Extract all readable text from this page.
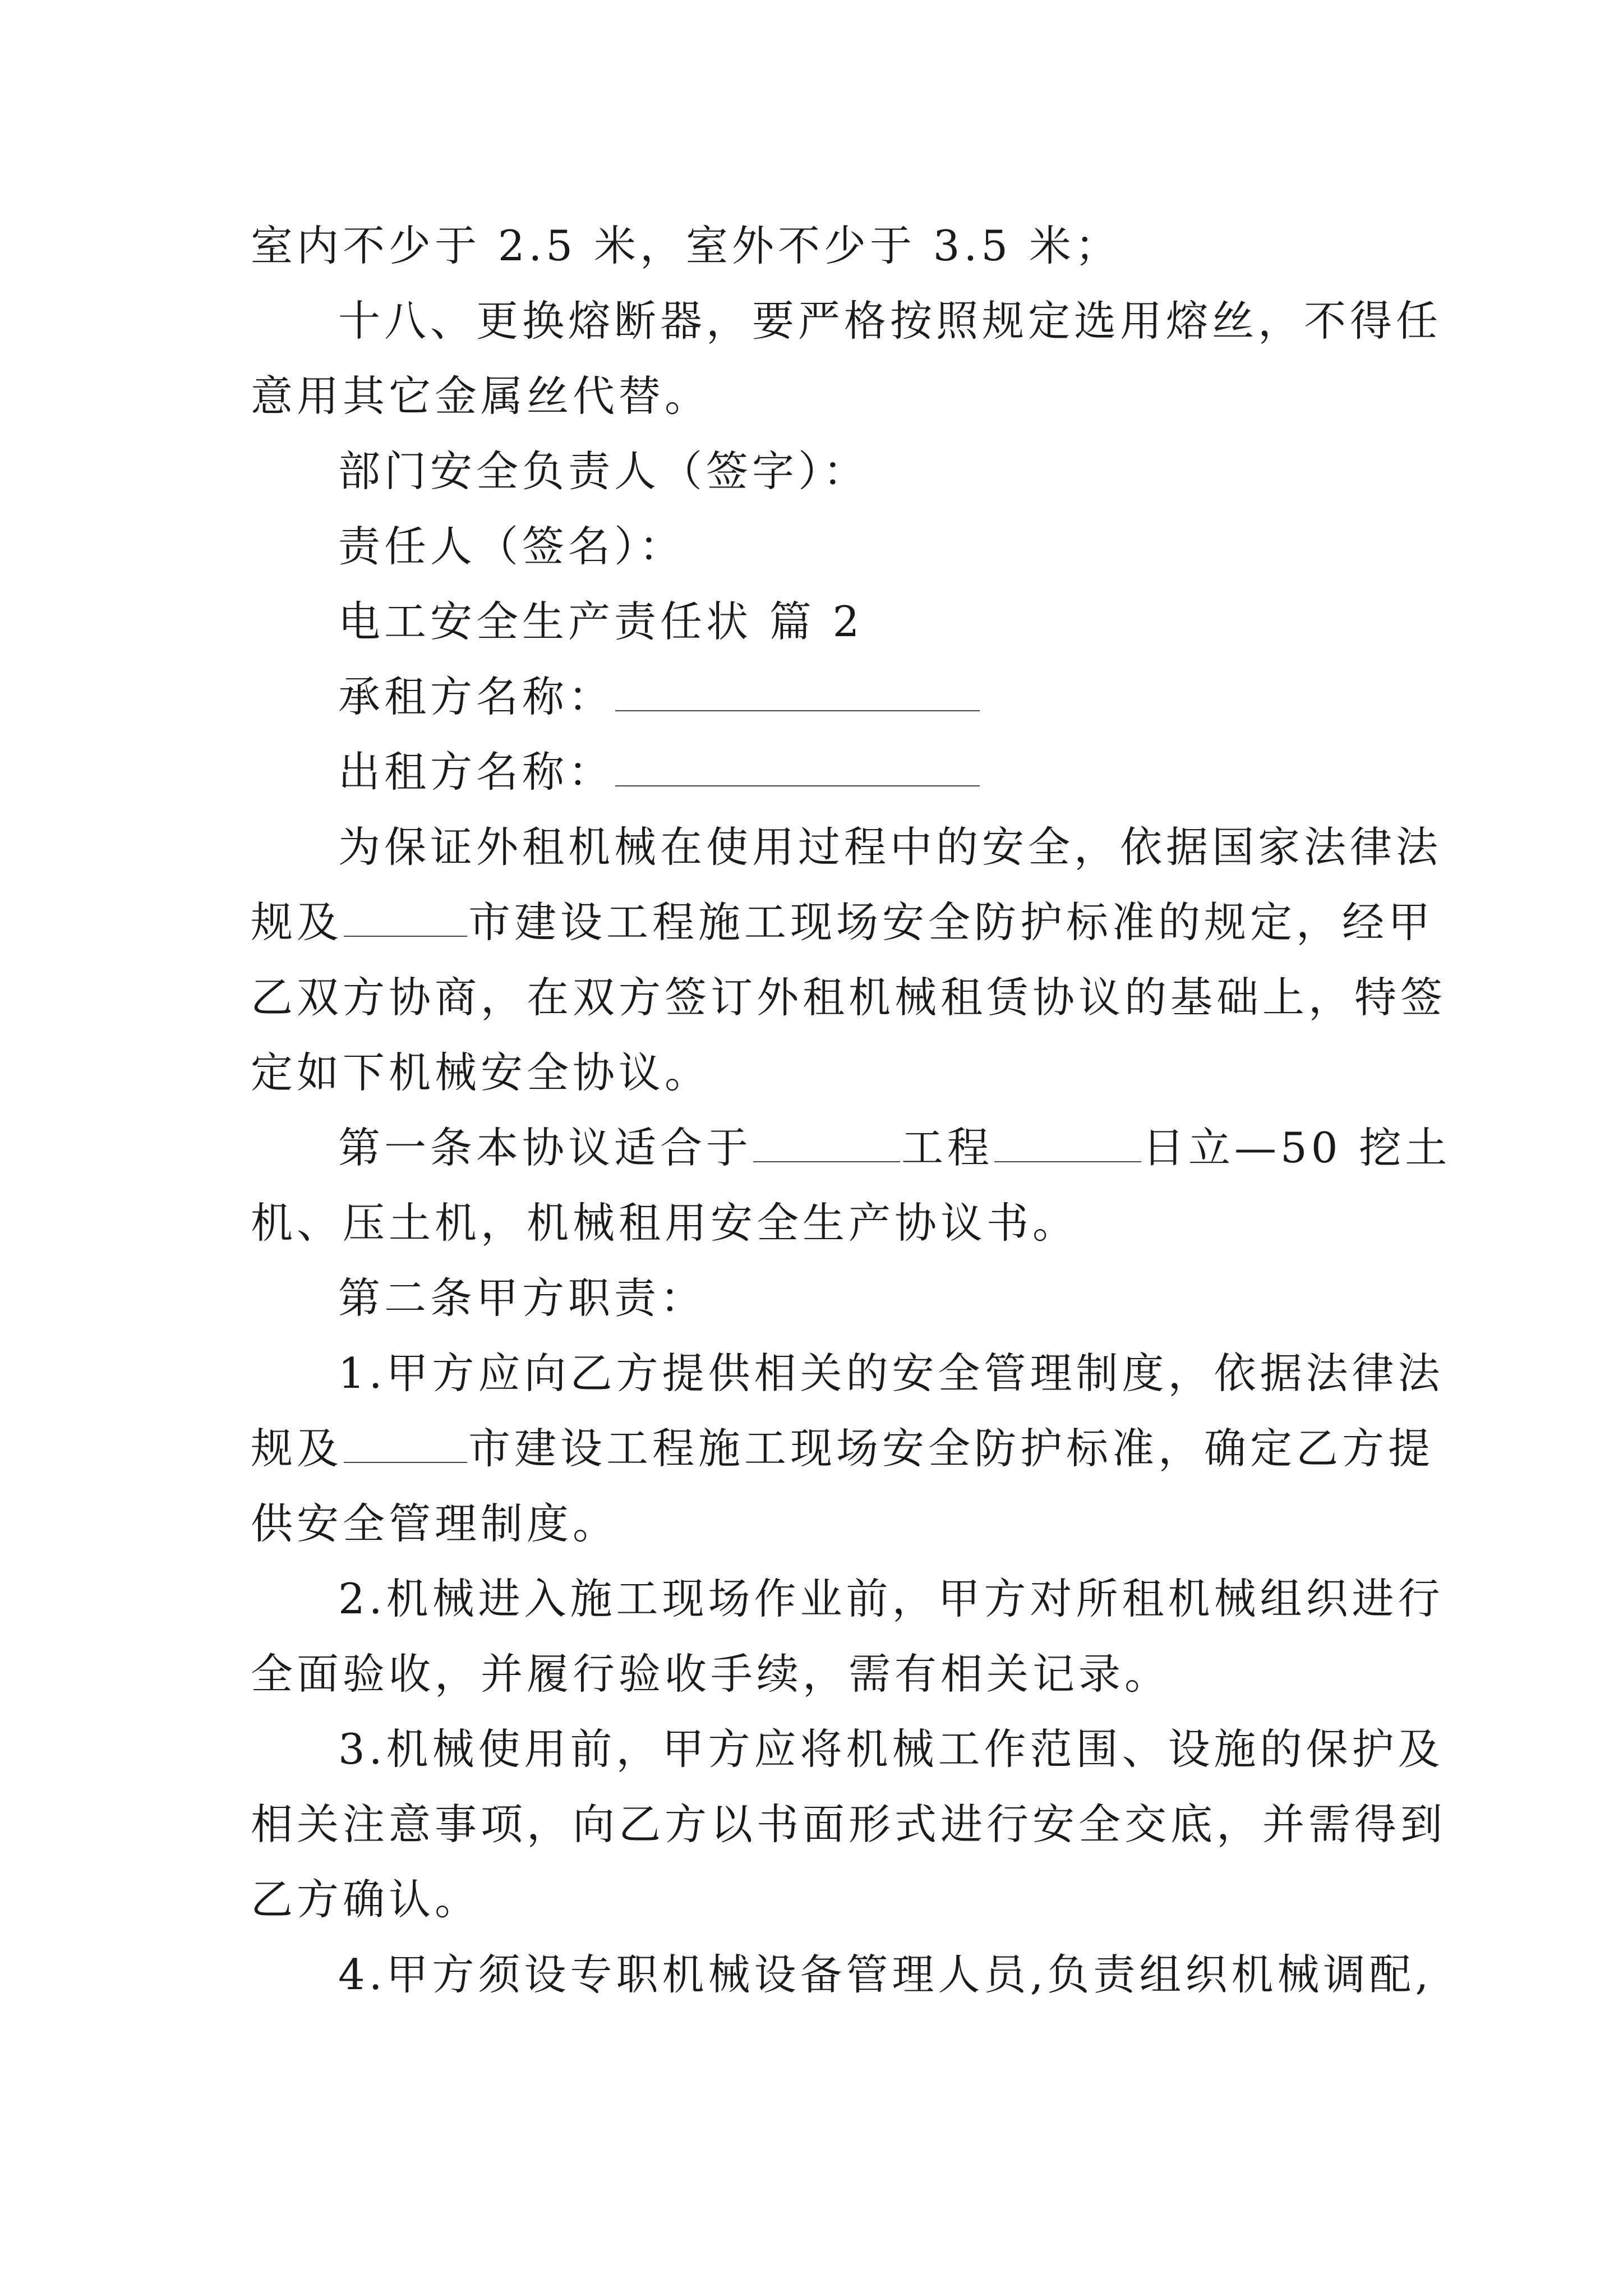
室内不少于 2.5 米，室外不少于 3.5 米；
十八、更换熔断器，要严格按照规定选用熔丝，不得任
意用其它金属丝代替。
部门安全负责人（签字）：
责任人（签名）：
电工安全生产责任状 篇 2
承租方名称：
出租方名称：
为保证外租机械在使用过程中的安全，依据国家法律法
规及	市建设工程施工现场安全防护标准的规定，经甲
乙双方协商，在双方签订外租机械租赁协议的基础上，特签
定如下机械安全协议。
第一条本协议适合于	工程	日立—50 挖土
机、压土机，机械租用安全生产协议书。
第二条甲方职责：
1.甲方应向乙方提供相关的安全管理制度，依据法律法
规及	市建设工程施工现场安全防护标准，确定乙方提
供安全管理制度。
2.机械进入施工现场作业前，甲方对所租机械组织进行
全面验收，并履行验收手续，需有相关记录。
3.机械使用前，甲方应将机械工作范围、设施的保护及
相关注意事项，向乙方以书面形式进行安全交底，并需得到
乙方确认。
4.甲方须设专职机械设备管理人员,负责组织机械调配,
